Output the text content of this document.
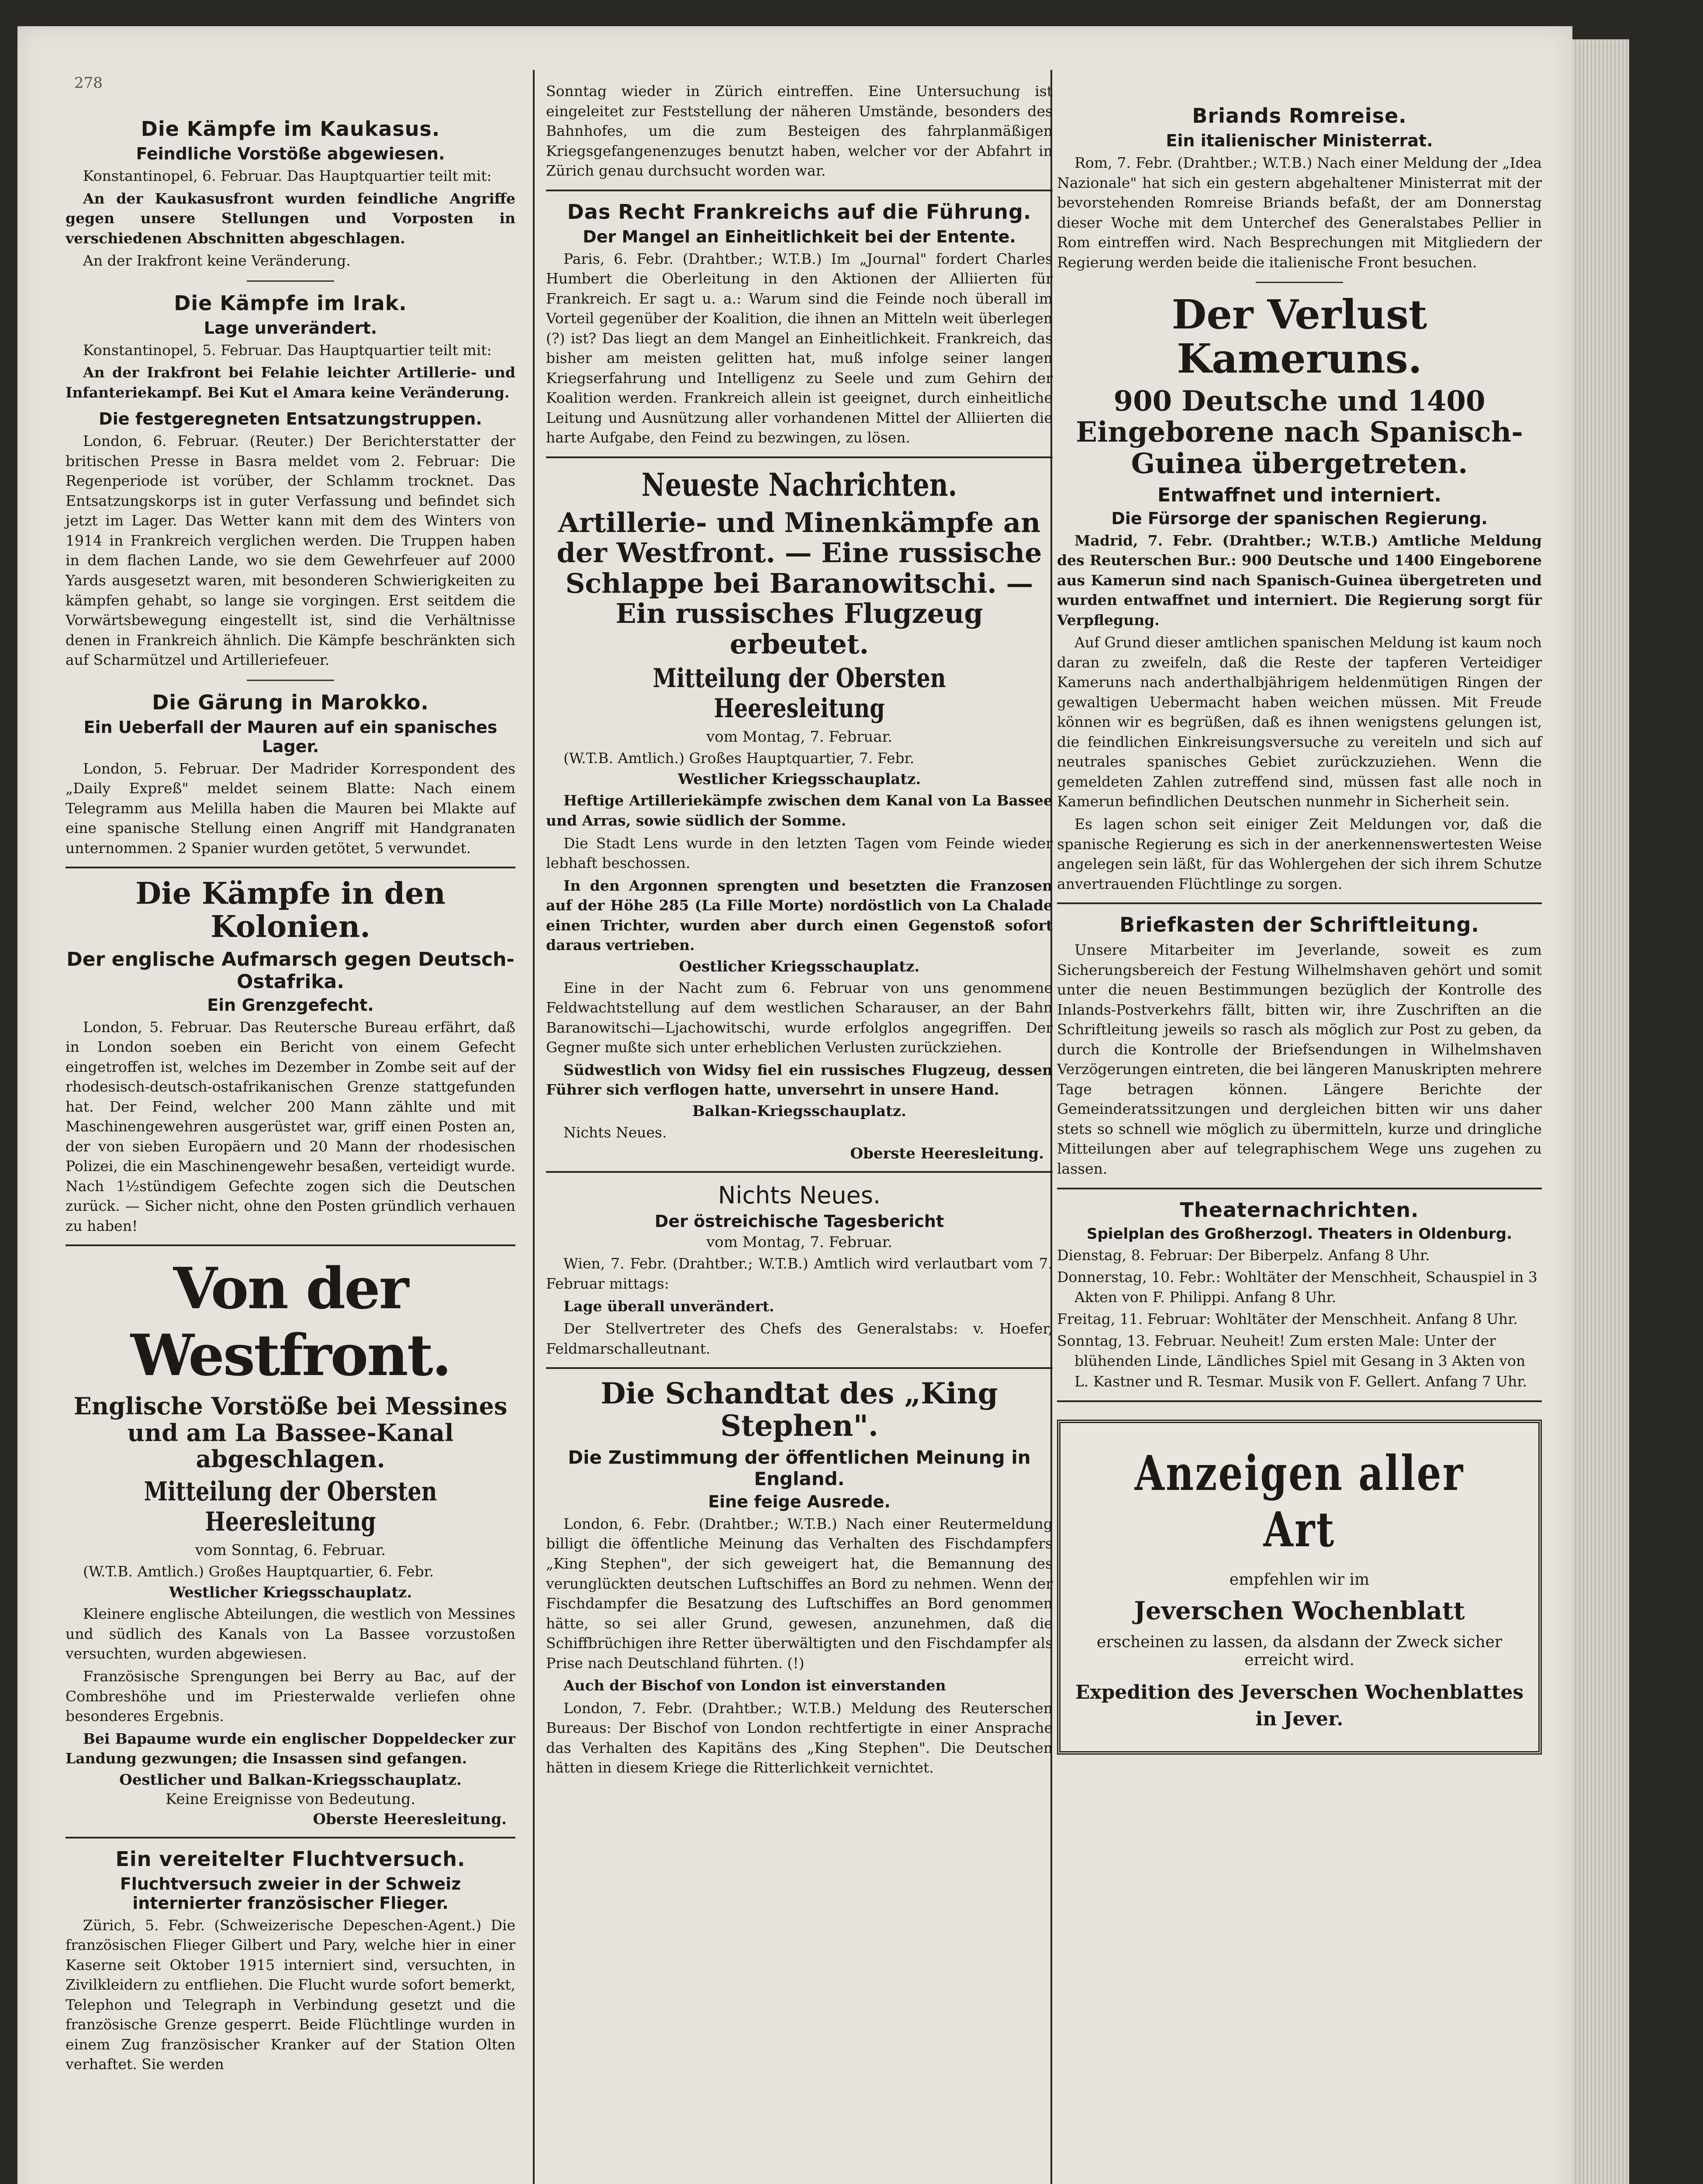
278
Die Kämpfe im Kaukasus.
Feindliche Vorstöße abgewiesen.
Konstantinopel, 6. Februar. Das Hauptquartier teilt mit:
An der Kaukasusfront wurden feindliche Angriffe gegen unsere Stellungen und Vorposten in verschiedenen Abschnitten abgeschlagen.
An der Irakfront keine Veränderung.
Die Kämpfe im Irak.
Lage unverändert.
Konstantinopel, 5. Februar. Das Hauptquartier teilt mit:
An der Irakfront bei Felahie leichter Artillerie- und Infanteriekampf. Bei Kut el Amara keine Veränderung.
Die festgeregneten Entsatzungstruppen.
London, 6. Februar. (Reuter.) Der Berichterstatter der britischen Presse in Basra meldet vom 2. Februar: Die Regenperiode ist vorüber, der Schlamm trocknet. Das Entsatzungskorps ist in guter Verfassung und befindet sich jetzt im Lager. Das Wetter kann mit dem des Winters von 1914 in Frankreich verglichen werden. Die Truppen haben in dem flachen Lande, wo sie dem Gewehrfeuer auf 2000 Yards ausgesetzt waren, mit besonderen Schwierigkeiten zu kämpfen gehabt, so lange sie vorgingen. Erst seitdem die Vorwärtsbewegung eingestellt ist, sind die Verhältnisse denen in Frankreich ähnlich. Die Kämpfe beschränkten sich auf Scharmützel und Artilleriefeuer.
Die Gärung in Marokko.
Ein Ueberfall der Mauren auf ein spanisches Lager.
London, 5. Februar. Der Madrider Korrespondent des „Daily Expreß" meldet seinem Blatte: Nach einem Telegramm aus Melilla haben die Mauren bei Mlakte auf eine spanische Stellung einen Angriff mit Handgranaten unternommen. 2 Spanier wurden getötet, 5 verwundet.
Die Kämpfe in den Kolonien.
Der englische Aufmarsch gegen Deutsch-Ostafrika.
Ein Grenzgefecht.
London, 5. Februar. Das Reutersche Bureau erfährt, daß in London soeben ein Bericht von einem Gefecht eingetroffen ist, welches im Dezember in Zombe seit auf der rhodesisch-deutsch-ostafrikanischen Grenze stattgefunden hat. Der Feind, welcher 200 Mann zählte und mit Maschinengewehren ausgerüstet war, griff einen Posten an, der von sieben Europäern und 20 Mann der rhodesischen Polizei, die ein Maschinengewehr besaßen, verteidigt wurde. Nach 1½stündigem Gefechte zogen sich die Deutschen zurück. — Sicher nicht, ohne den Posten gründlich verhauen zu haben!
Von der Westfront.
Englische Vorstöße bei Messines und am La Bassee-Kanal abgeschlagen.
Mitteilung der Obersten Heeresleitung
vom Sonntag, 6. Februar.
(W.T.B. Amtlich.) Großes Hauptquartier, 6. Febr.
Westlicher Kriegsschauplatz.
Kleinere englische Abteilungen, die westlich von Messines und südlich des Kanals von La Bassee vorzustoßen versuchten, wurden abgewiesen.
Französische Sprengungen bei Berry au Bac, auf der Combreshöhe und im Priesterwalde verliefen ohne besonderes Ergebnis.
Bei Bapaume wurde ein englischer Doppeldecker zur Landung gezwungen; die Insassen sind gefangen.
Oestlicher und Balkan-Kriegsschauplatz.
Keine Ereignisse von Bedeutung.
Oberste Heeresleitung.
Ein vereitelter Fluchtversuch.
Fluchtversuch zweier in der Schweiz internierter französischer Flieger.
Zürich, 5. Febr. (Schweizerische Depeschen-Agent.) Die französischen Flieger Gilbert und Pary, welche hier in einer Kaserne seit Oktober 1915 interniert sind, versuchten, in Zivilkleidern zu entfliehen. Die Flucht wurde sofort bemerkt, Telephon und Telegraph in Verbindung gesetzt und die französische Grenze gesperrt. Beide Flüchtlinge wurden in einem Zug französischer Kranker auf der Station Olten verhaftet. Sie werden
Sonntag wieder in Zürich eintreffen. Eine Untersuchung ist eingeleitet zur Feststellung der näheren Umstände, besonders des Bahnhofes, um die zum Besteigen des fahrplanmäßigen Kriegsgefangenenzuges benutzt haben, welcher vor der Abfahrt in Zürich genau durchsucht worden war.
Das Recht Frankreichs auf die Führung.
Der Mangel an Einheitlichkeit bei der Entente.
Paris, 6. Febr. (Drahtber.; W.T.B.) Im „Journal" fordert Charles Humbert die Oberleitung in den Aktionen der Alliierten für Frankreich. Er sagt u. a.: Warum sind die Feinde noch überall im Vorteil gegenüber der Koalition, die ihnen an Mitteln weit überlegen (?) ist? Das liegt an dem Mangel an Einheitlichkeit. Frankreich, das bisher am meisten gelitten hat, muß infolge seiner langen Kriegserfahrung und Intelligenz zu Seele und zum Gehirn der Koalition werden. Frankreich allein ist geeignet, durch einheitliche Leitung und Ausnützung aller vorhandenen Mittel der Alliierten die harte Aufgabe, den Feind zu bezwingen, zu lösen.
Neueste Nachrichten.
Artillerie- und Minenkämpfe an der Westfront. — Eine russische Schlappe bei Baranowitschi. — Ein russisches Flugzeug erbeutet.
Mitteilung der Obersten Heeresleitung
vom Montag, 7. Februar.
(W.T.B. Amtlich.) Großes Hauptquartier, 7. Febr.
Westlicher Kriegsschauplatz.
Heftige Artilleriekämpfe zwischen dem Kanal von La Bassee und Arras, sowie südlich der Somme.
Die Stadt Lens wurde in den letzten Tagen vom Feinde wieder lebhaft beschossen.
In den Argonnen sprengten und besetzten die Franzosen auf der Höhe 285 (La Fille Morte) nordöstlich von La Chalade einen Trichter, wurden aber durch einen Gegenstoß sofort daraus vertrieben.
Oestlicher Kriegsschauplatz.
Eine in der Nacht zum 6. Februar von uns genommene Feldwachtstellung auf dem westlichen Scharauser, an der Bahn Baranowitschi—Ljachowitschi, wurde erfolglos angegriffen. Der Gegner mußte sich unter erheblichen Verlusten zurückziehen.
Südwestlich von Widsy fiel ein russisches Flugzeug, dessen Führer sich verflogen hatte, unversehrt in unsere Hand.
Balkan-Kriegsschauplatz.
Nichts Neues.
Oberste Heeresleitung.
Nichts Neues.
Der östreichische Tagesbericht
vom Montag, 7. Februar.
Wien, 7. Febr. (Drahtber.; W.T.B.) Amtlich wird verlautbart vom 7. Februar mittags:
Lage überall unverändert.
Der Stellvertreter des Chefs des Generalstabs: v. Hoefer, Feldmarschalleutnant.
Die Schandtat des „King Stephen".
Die Zustimmung der öffentlichen Meinung in England.
Eine feige Ausrede.
London, 6. Febr. (Drahtber.; W.T.B.) Nach einer Reutermeldung billigt die öffentliche Meinung das Verhalten des Fischdampfers „King Stephen", der sich geweigert hat, die Bemannung des verunglückten deutschen Luftschiffes an Bord zu nehmen. Wenn der Fischdampfer die Besatzung des Luftschiffes an Bord genommen hätte, so sei aller Grund, gewesen, anzunehmen, daß die Schiffbrüchigen ihre Retter überwältigten und den Fischdampfer als Prise nach Deutschland führten. (!)
Auch der Bischof von London ist einverstanden
London, 7. Febr. (Drahtber.; W.T.B.) Meldung des Reuterschen Bureaus: Der Bischof von London rechtfertigte in einer Ansprache das Verhalten des Kapitäns des „King Stephen". Die Deutschen hätten in diesem Kriege die Ritterlichkeit vernichtet.
Briands Romreise.
Ein italienischer Ministerrat.
Rom, 7. Febr. (Drahtber.; W.T.B.) Nach einer Meldung der „Idea Nazionale" hat sich ein gestern abgehaltener Ministerrat mit der bevorstehenden Romreise Briands befaßt, der am Donnerstag dieser Woche mit dem Unterchef des Generalstabes Pellier in Rom eintreffen wird. Nach Besprechungen mit Mitgliedern der Regierung werden beide die italienische Front besuchen.
Der Verlust Kameruns.
900 Deutsche und 1400 Eingeborene nach Spanisch-Guinea übergetreten.
Entwaffnet und interniert.
Die Fürsorge der spanischen Regierung.
Madrid, 7. Febr. (Drahtber.; W.T.B.) Amtliche Meldung des Reuterschen Bur.: 900 Deutsche und 1400 Eingeborene aus Kamerun sind nach Spanisch-Guinea übergetreten und wurden entwaffnet und interniert. Die Regierung sorgt für Verpflegung.
Auf Grund dieser amtlichen spanischen Meldung ist kaum noch daran zu zweifeln, daß die Reste der tapferen Verteidiger Kameruns nach anderthalbjährigem heldenmütigen Ringen der gewaltigen Uebermacht haben weichen müssen. Mit Freude können wir es begrüßen, daß es ihnen wenigstens gelungen ist, die feindlichen Einkreisungsversuche zu vereiteln und sich auf neutrales spanisches Gebiet zurückzuziehen. Wenn die gemeldeten Zahlen zutreffend sind, müssen fast alle noch in Kamerun befindlichen Deutschen nunmehr in Sicherheit sein.
Es lagen schon seit einiger Zeit Meldungen vor, daß die spanische Regierung es sich in der anerkennenswertesten Weise angelegen sein läßt, für das Wohlergehen der sich ihrem Schutze anvertrauenden Flüchtlinge zu sorgen.
Briefkasten der Schriftleitung.
Unsere Mitarbeiter im Jeverlande, soweit es zum Sicherungsbereich der Festung Wilhelmshaven gehört und somit unter die neuen Bestimmungen bezüglich der Kontrolle des Inlands-Postverkehrs fällt, bitten wir, ihre Zuschriften an die Schriftleitung jeweils so rasch als möglich zur Post zu geben, da durch die Kontrolle der Briefsendungen in Wilhelmshaven Verzögerungen eintreten, die bei längeren Manuskripten mehrere Tage betragen können. Längere Berichte der Gemeinderatssitzungen und dergleichen bitten wir uns daher stets so schnell wie möglich zu übermitteln, kurze und dringliche Mitteilungen aber auf telegraphischem Wege uns zugehen zu lassen.
Theaternachrichten.
Spielplan des Großherzogl. Theaters in Oldenburg.
Dienstag, 8. Februar: Der Biberpelz. Anfang 8 Uhr.
Donnerstag, 10. Febr.: Wohltäter der Menschheit, Schauspiel in 3 Akten von F. Philippi. Anfang 8 Uhr.
Freitag, 11. Februar: Wohltäter der Menschheit. Anfang 8 Uhr.
Sonntag, 13. Februar. Neuheit! Zum ersten Male: Unter der blühenden Linde, Ländliches Spiel mit Gesang in 3 Akten von L. Kastner und R. Tesmar. Musik von F. Gellert. Anfang 7 Uhr.
Anzeigen aller Art
empfehlen wir im
Jeverschen Wochenblatt
erscheinen zu lassen, da alsdann der Zweck sicher erreicht wird.
Expedition des Jeverschen Wochenblattes
in Jever.
